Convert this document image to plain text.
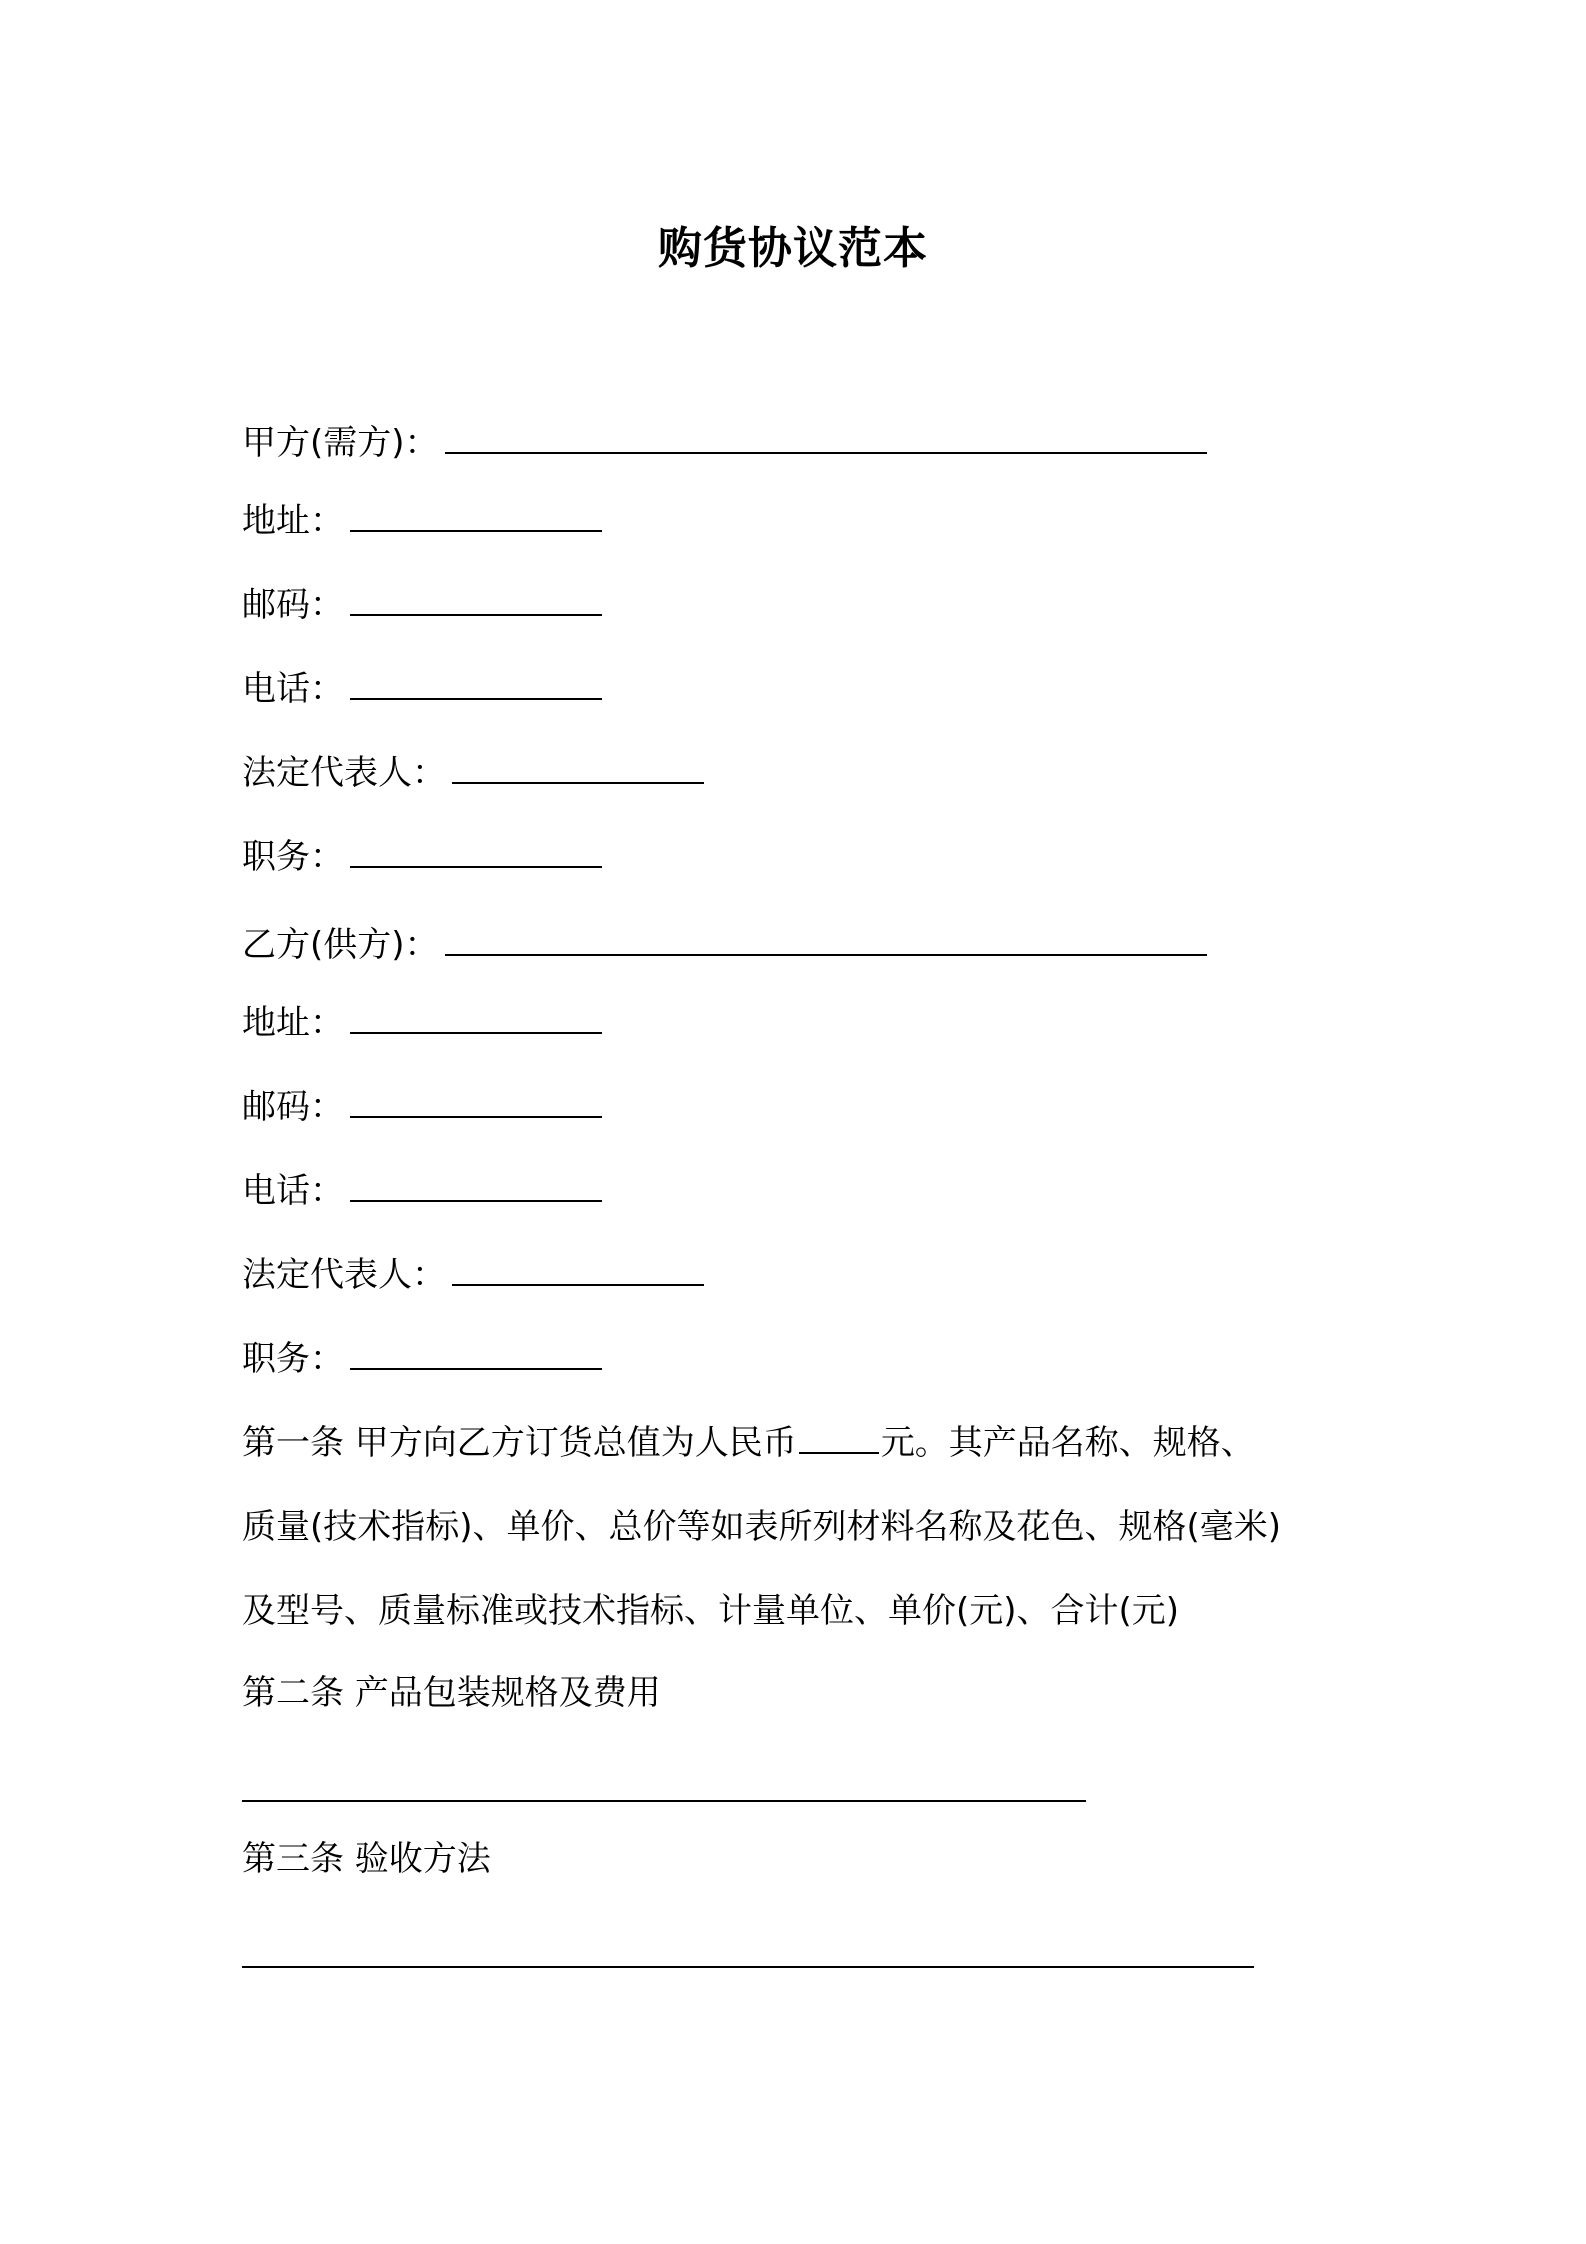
购货协议范本
甲方(需方)：
地址：
邮码：
电话：
法定代表人：
职务：
乙方(供方)：
地址：
邮码：
电话：
法定代表人：
职务：
第一条 甲方向乙方订货总值为人民币 元。其产品名称、规格、
质量(技术指标)、单价、总价等如表所列材料名称及花色、规格(毫米)
及型号、质量标准或技术指标、计量单位、单价(元)、合计(元)
第二条 产品包装规格及费用
第三条 验收方法
